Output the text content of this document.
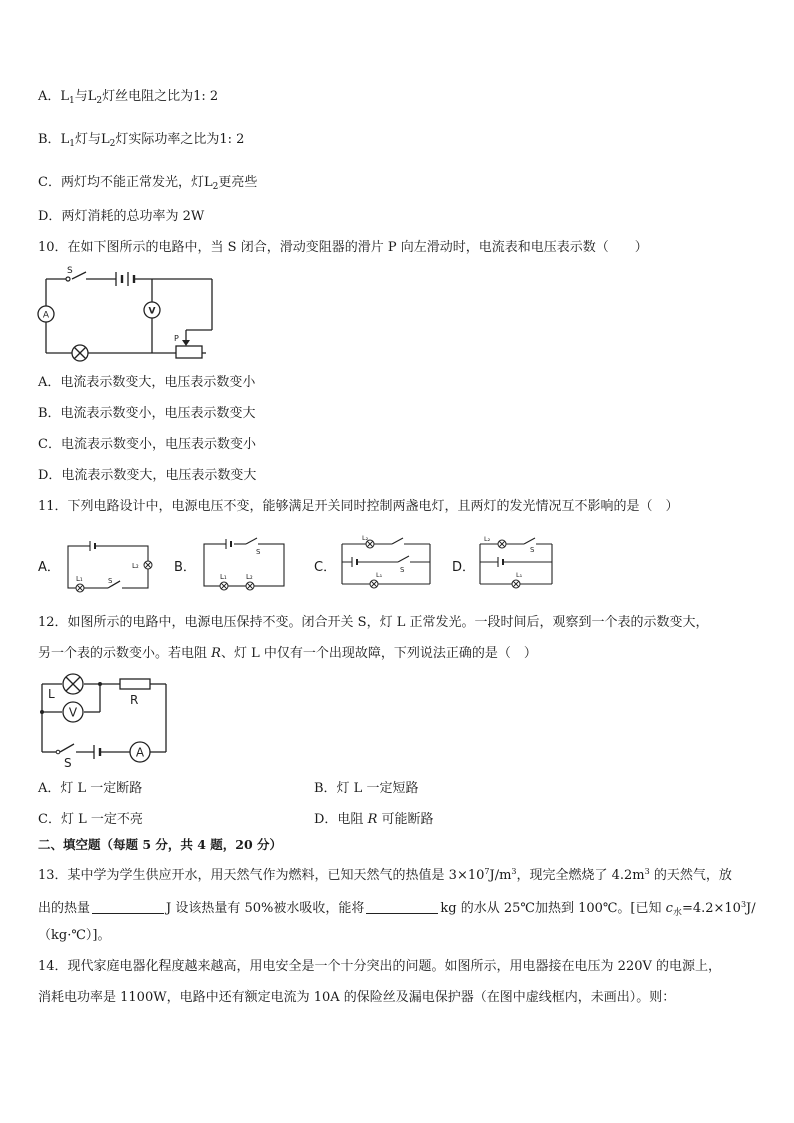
A．$L_1$与$L_2$灯丝电阻之比为1: 2
B．$L_1$灯与$L_2$灯实际功率之比为1: 2
C．两灯均不能正常发光，灯$L_2$更亮些
D．两灯消耗的总功率为 2W
10．在如下图所示的电路中，当 S 闭合，滑动变阻器的滑片 P 向左滑动时，电流表和电压表示数（　　）
A	V
S
P
A．电流表示数变大，电压表示数变小
B．电流表示数变小，电压表示数变大
C．电流表示数变小，电压表示数变小
D．电流表示数变大，电压表示数变大
11．下列电路设计中，电源电压不变，能够满足开关同时控制两盏电灯，且两灯的发光情况互不影响的是（　）
A．
L₁
L₂
S
B．
L₁	L₂
S
C．
L₂
L₁
S	D．
L₂
L₁
S
12．如图所示的电路中，电源电压保持不变。闭合开关 S，灯 L 正常发光。一段时间后，观察到一个表的示数变大，
另一个表的示数变小。若电阻 R、灯 L 中仅有一个出现故障，下列说法正确的是（　）
V
A
L	R
S
A．灯 L 一定断路	B．灯 L 一定短路
C．灯 L 一定不亮	D．电阻 R 可能断路
二、填空题（每题 5 分，共 4 题，20 分）
13．某中学为学生供应开水，用天然气作为燃料，已知天然气的热值是 $3\times 10^7J/m^3$，现完全燃烧了 $4.2m^3$ 的天然气，放
出的热量	J 设该热量有 50%被水吸收，能将	kg 的水从 25℃加热到 100℃。[已知 $c_水=4.2\times 10^3J/$
（kg·℃）]。
14．现代家庭电器化程度越来越高，用电安全是一个十分突出的问题。如图所示，用电器接在电压为 220V 的电源上，
消耗电功率是 1100W，电路中还有额定电流为 10A 的保险丝及漏电保护器（在图中虚线框内，未画出）。则：
